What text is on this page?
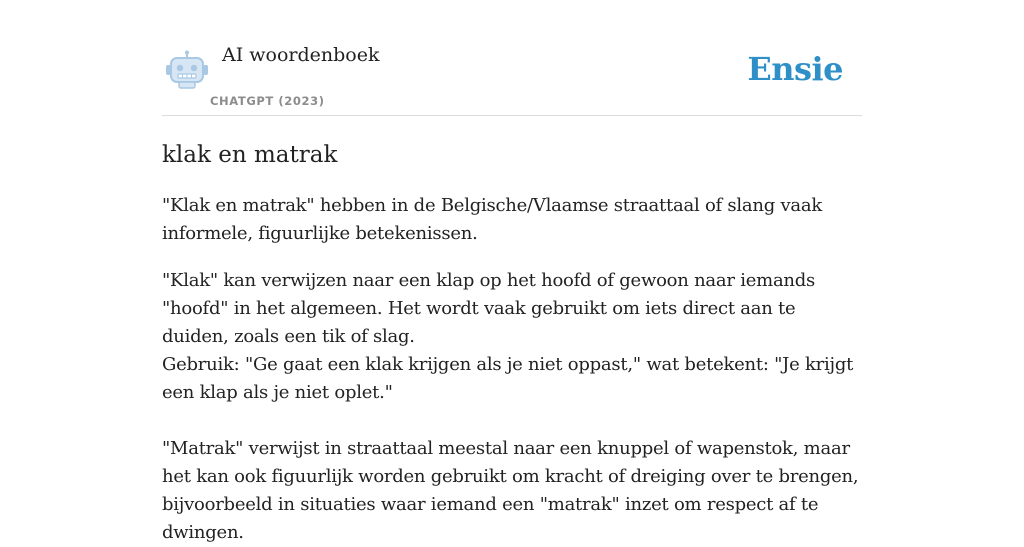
AI woordenboek
CHATGPT (2023)
Ensie
klak en matrak

"Klak en matrak" hebben in de Belgische/Vlaamse straattaal of slang vaak informele, figuurlijke betekenissen.

"Klak" kan verwijzen naar een klap op het hoofd of gewoon naar iemands "hoofd" in het algemeen. Het wordt vaak gebruikt om iets direct aan te duiden, zoals een tik of slag.

Gebruik: "Ge gaat een klak krijgen als je niet oppast," wat betekent: "Je krijgt een klap als je niet oplet."

"Matrak" verwijst in straattaal meestal naar een knuppel of wapenstok, maar het kan ook figuurlijk worden gebruikt om kracht of dreiging over te brengen, bijvoorbeeld in situaties waar iemand een "matrak" inzet om respect af te dwingen.
